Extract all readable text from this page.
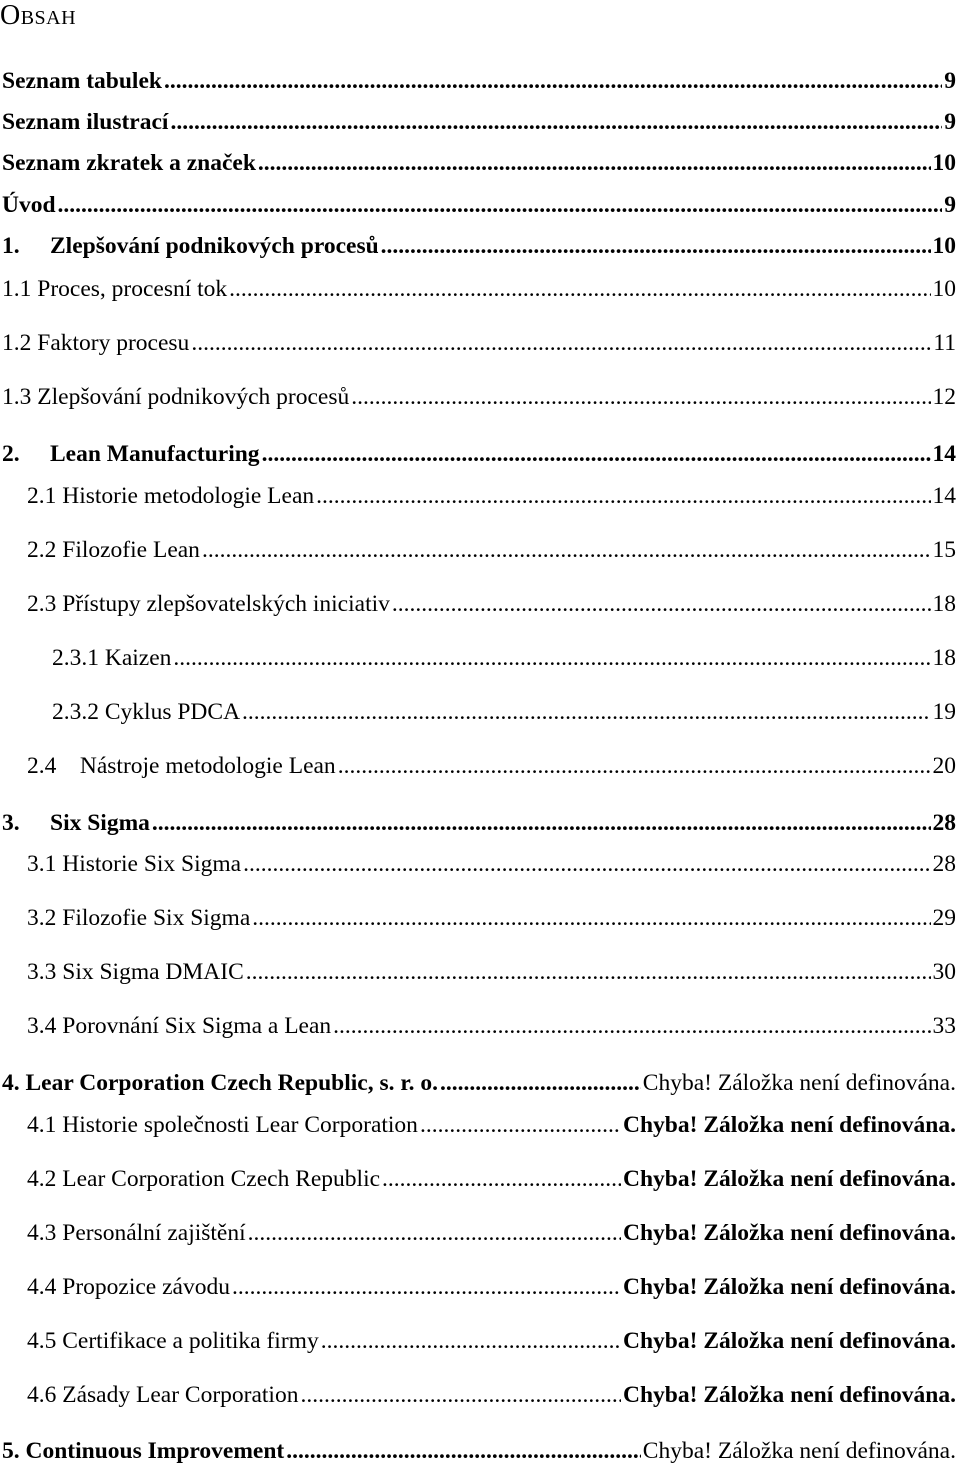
Obsah
Seznam tabulek .....	9
Seznam ilustrací .....	9
Seznam zkratek a značek .....	10
Úvod .....	9
1. Zlepšování podnikových procesů .....	10
1.1 Proces, procesní tok .....	10
1.2 Faktory procesu .....	11
1.3 Zlepšování podnikových procesů .....	12
2. Lean Manufacturing .....	14
2.1 Historie metodologie Lean .....	14
2.2 Filozofie Lean .....	15
2.3 Přístupy zlepšovatelských iniciativ .....	18
2.3.1 Kaizen .....	18
2.3.2 Cyklus PDCA .....	19
2.4    Nástroje metodologie Lean .....	20
3. Six Sigma .....	28
3.1 Historie Six Sigma .....	28
3.2 Filozofie Six Sigma .....	29
3.3 Six Sigma DMAIC .....	30
3.4 Porovnání Six Sigma a Lean .....	33
4. Lear Corporation Czech Republic, s. r. o. .....	Chyba! Záložka není definována.
4.1 Historie společnosti Lear Corporation .....	Chyba! Záložka není definována.
4.2 Lear Corporation Czech Republic .....	Chyba! Záložka není definována.
4.3 Personální zajištění .....	Chyba! Záložka není definována.
4.4 Propozice závodu .....	Chyba! Záložka není definována.
4.5 Certifikace a politika firmy .....	Chyba! Záložka není definována.
4.6 Zásady Lear Corporation .....	Chyba! Záložka není definována.
5. Continuous Improvement .....	Chyba! Záložka není definována.
